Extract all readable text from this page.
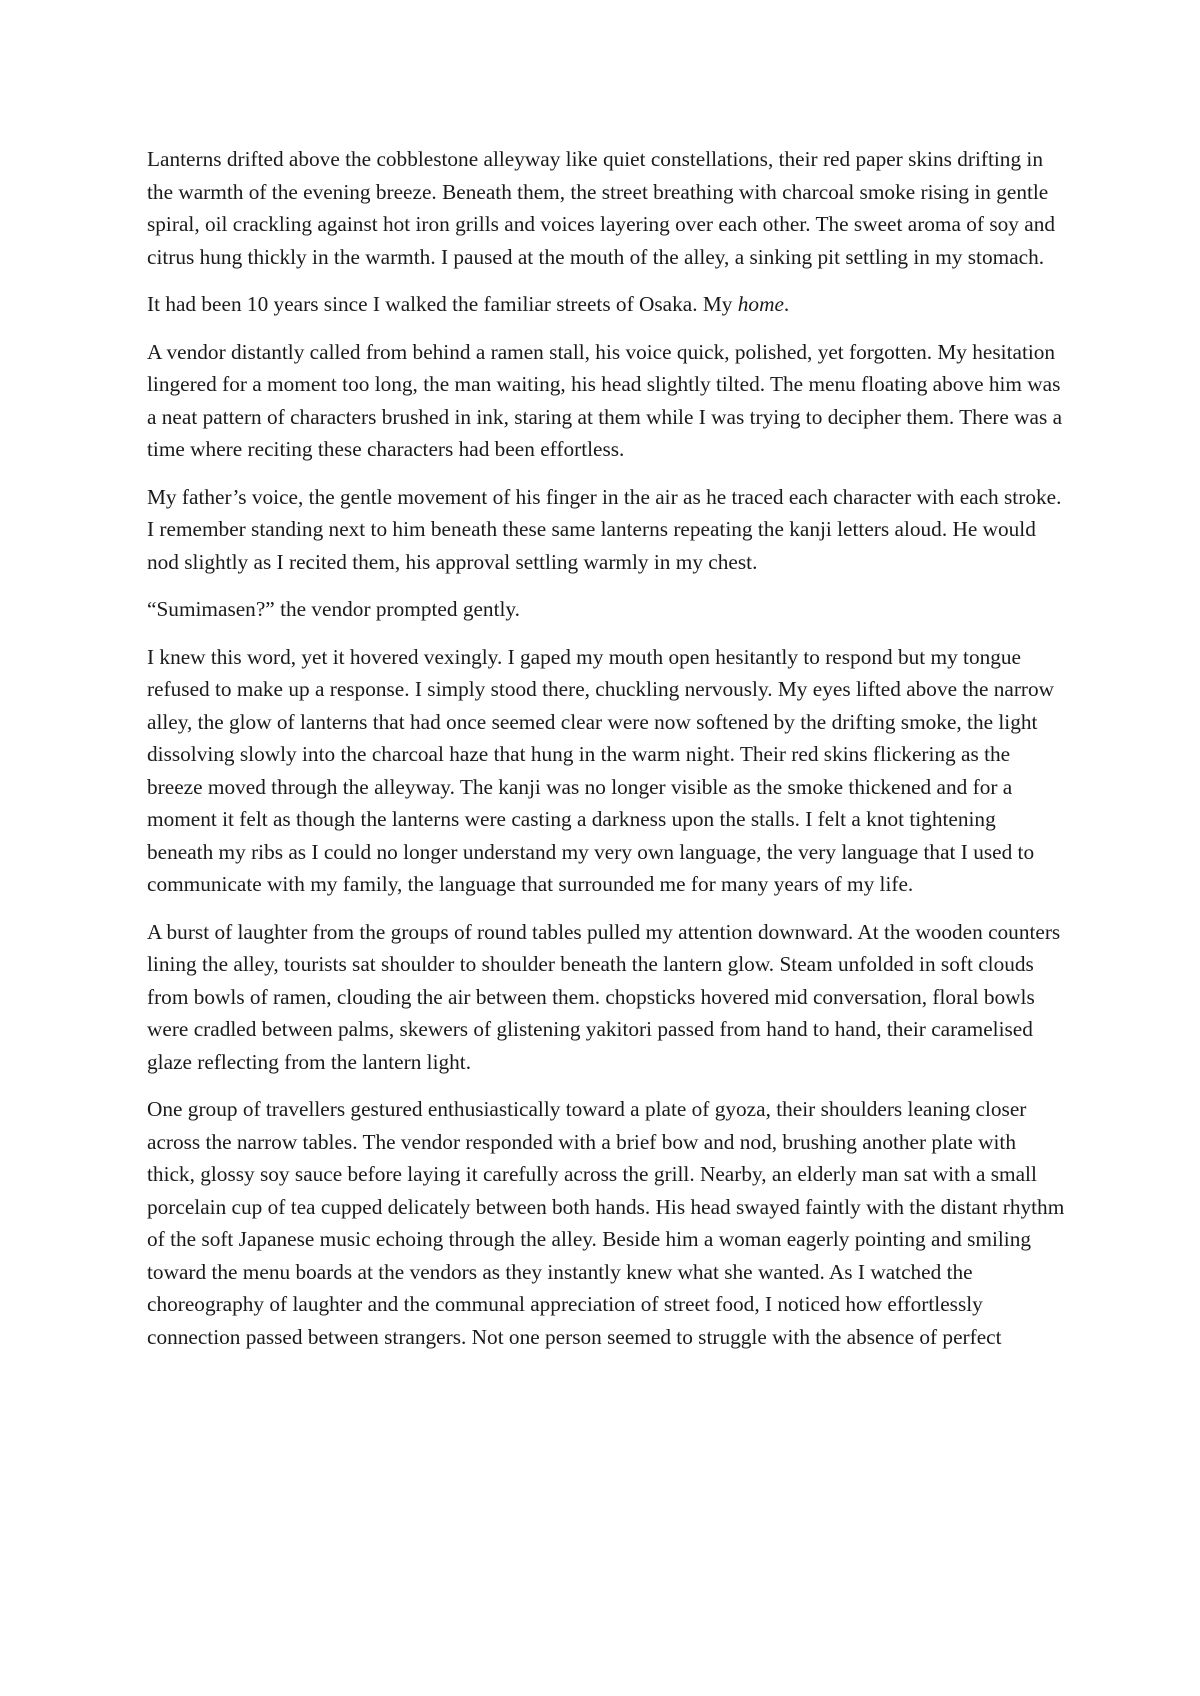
Lanterns drifted above the cobblestone alleyway like quiet constellations, their red paper skins drifting in the warmth of the evening breeze. Beneath them, the street breathing with charcoal smoke rising in gentle spiral, oil crackling against hot iron grills and voices layering over each other. The sweet aroma of soy and citrus hung thickly in the warmth. I paused at the mouth of the alley, a sinking pit settling in my stomach.

It had been 10 years since I walked the familiar streets of Osaka. My home.

A vendor distantly called from behind a ramen stall, his voice quick, polished, yet forgotten. My hesitation lingered for a moment too long, the man waiting, his head slightly tilted. The menu floating above him was a neat pattern of characters brushed in ink, staring at them while I was trying to decipher them. There was a time where reciting these characters had been effortless.

My father’s voice, the gentle movement of his finger in the air as he traced each character with each stroke. I remember standing next to him beneath these same lanterns repeating the kanji letters aloud. He would nod slightly as I recited them, his approval settling warmly in my chest.

“Sumimasen?” the vendor prompted gently.

I knew this word, yet it hovered vexingly. I gaped my mouth open hesitantly to respond but my tongue refused to make up a response. I simply stood there, chuckling nervously. My eyes lifted above the narrow alley, the glow of lanterns that had once seemed clear were now softened by the drifting smoke, the light dissolving slowly into the charcoal haze that hung in the warm night. Their red skins flickering as the breeze moved through the alleyway. The kanji was no longer visible as the smoke thickened and for a moment it felt as though the lanterns were casting a darkness upon the stalls. I felt a knot tightening beneath my ribs as I could no longer understand my very own language, the very language that I used to communicate with my family, the language that surrounded me for many years of my life.

A burst of laughter from the groups of round tables pulled my attention downward. At the wooden counters lining the alley, tourists sat shoulder to shoulder beneath the lantern glow. Steam unfolded in soft clouds from bowls of ramen, clouding the air between them. chopsticks hovered mid conversation, floral bowls were cradled between palms, skewers of glistening yakitori passed from hand to hand, their caramelised glaze reflecting from the lantern light.

One group of travellers gestured enthusiastically toward a plate of gyoza, their shoulders leaning closer across the narrow tables. The vendor responded with a brief bow and nod, brushing another plate with thick, glossy soy sauce before laying it carefully across the grill. Nearby, an elderly man sat with a small porcelain cup of tea cupped delicately between both hands. His head swayed faintly with the distant rhythm of the soft Japanese music echoing through the alley. Beside him a woman eagerly pointing and smiling toward the menu boards at the vendors as they instantly knew what she wanted. As I watched the choreography of laughter and the communal appreciation of street food, I noticed how effortlessly connection passed between strangers. Not one person seemed to struggle with the absence of perfect
